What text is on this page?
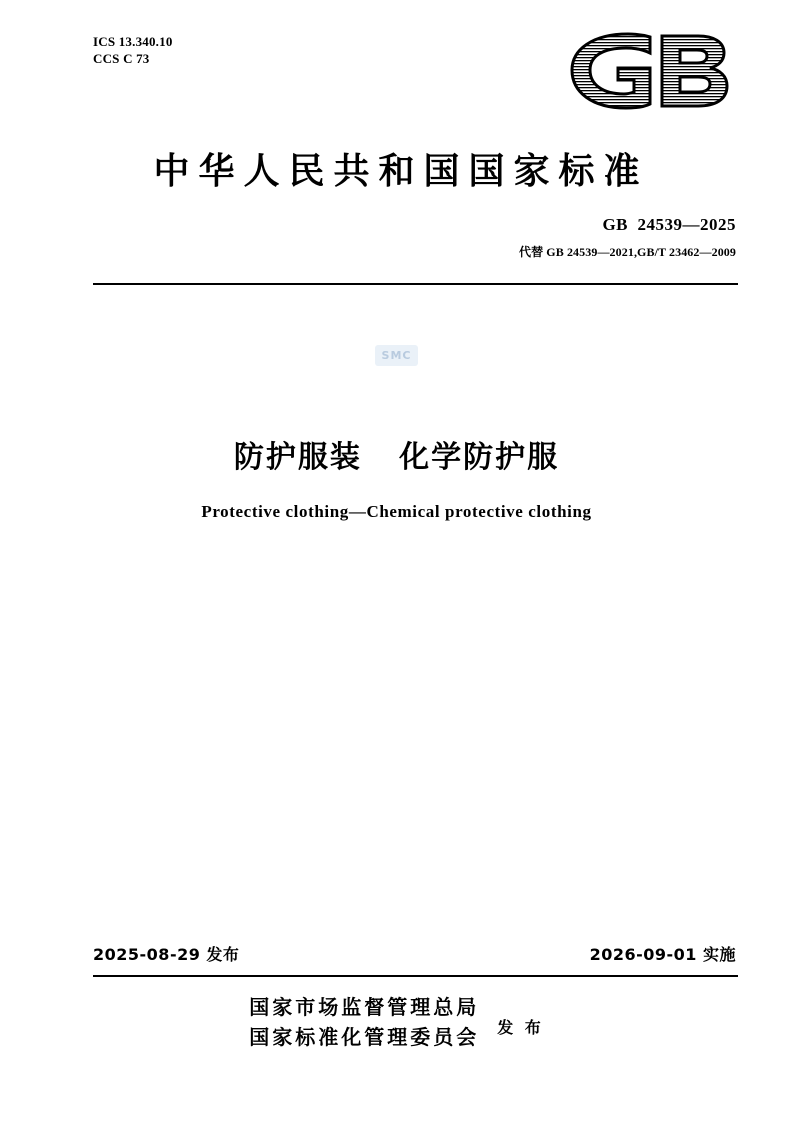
ICS 13.340.10
CCS C 73
中华人民共和国国家标准
GB  24539—2025
代替 GB 24539—2021,GB/T 23462—2009
SMC
防护服装   化学防护服
Protective clothing—Chemical protective clothing
2025-08-29 发布	2026-09-01 实施
国家市场监督管理总局
国家标准化管理委员会 发 布
